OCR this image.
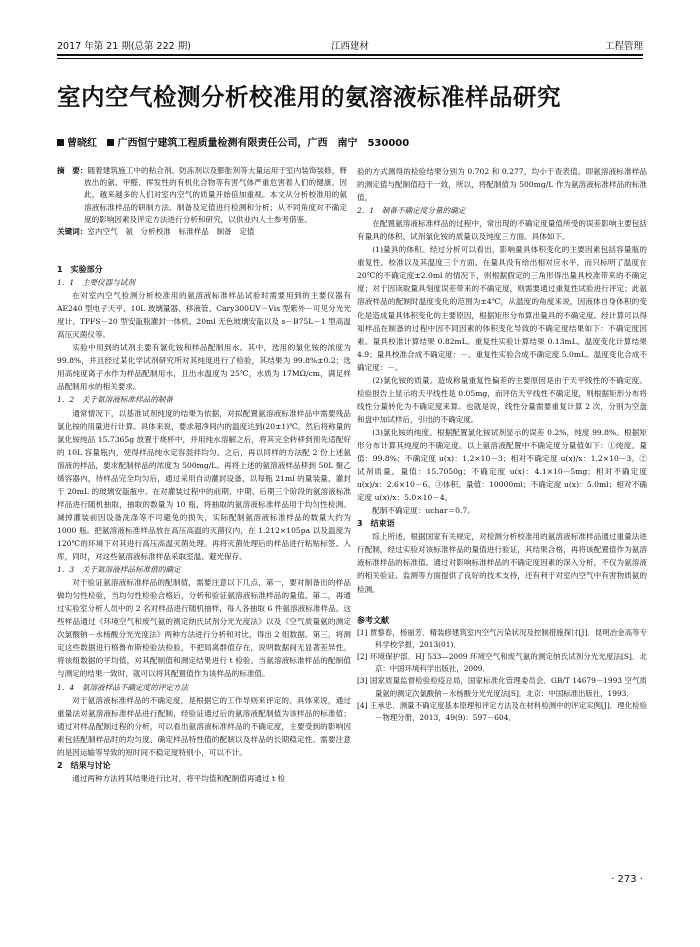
2017 年第 21 期(总第 222 期)	江西建材	工程管理
室内空气检测分析校准用的氨溶液标准样品研究
曾晓红 广西恒宁建筑工程质量检测有限责任公司，广西　南宁　530000

摘　要：随着建筑施工中的粘合剂、防冻剂以及膨胀剂等大量运用于室内装饰装修，释放出的氨、甲醛、挥发性的有机化合物等有害气体严重危害着人们的健康。因此，越来越多的人们对室内空气的质量开始倍加重视。本文从分析校准用的氨溶液标准样品的研制方法、制备及定值进行检测和分析；从不同角度对不确定度的影响因素及评定方法进行分析和研究，以供业内人士参考借鉴。

关键词：室内空气　氨　分析校准　标准样品　制备　定值

1　实验部分

1．1　主要仪器与试剂

在对室内空气检测分析校准用的氨溶液标准样品试验时需要用到的主要仪器有 AE240 型电子天平、10L 玻璃量器、移液管、Cary300UV－Vis 型紫外－可见分光光度计、TPFS－20 型安瓿瓶灌封一体机、20ml 无色玻璃安瓿以及 s－B75L－1 型高温高压灭菌仪等。

实验中用到的试剂主要有氯化铵和样品配制用水。其中，选用的氯化铵的浓度为 99.8%，并且经过某化学试剂研究所对其纯度进行了检验，其结果为 99.8%±0.2；选用高纯度离子水作为样品配制用水，且出水温度为 25℃，水质为 17MΩ/cm，满足样品配制用水的相关要求。

1．2　关于氨溶液标准样品的制备

通常情况下，以基准试剂纯度的结果为依据，对拟配置氨溶液标准样品中需要残品氯化铵的用量进行计算。具体来说，要求超净间内的温度达到(20±1)℃，然后将称量的氯化铵纯品 15.7365g 放置于烧杯中，并用纯水溶解之后，将其完全转移到预先适配好的 10L 容量瓶内，使得样品纯水定容混拌均匀。之后，再以同样的方法配 2 份上述氨溶液的样品，要求配制样品的浓度为 500mg/L。再将上述的氨溶液样品移到 50L 聚乙烯容器内，待样品完全均匀后，通过采用自动灌封设备，以每瓶 21ml 的量装量，灌封于 20mL 的玻璃安瓿瓶中。在对灌装过程中的前期、中期、后期三个阶段的氨溶液标准样品进行随机抽取，抽取的数量为 10 瓶，将抽取的氨溶液标准样品用于均匀性检测。减掉灌装前因设备洗涤等不可避免的损失，实际配制氨溶液标准样品的数量大约为 1000 瓶。把氨溶液标准样品放在高压高温的灭菌仪内，在 1.212×105pa 以及温度为 120℃的环境下对其进行高压高温灭菌处理。再将灭菌处理后的样品进行粘贴标签、入库，同时，对这些氨溶液标准样品采取室温、避光保存。

1．3　关于氨溶液样品标准值的确定

对于验证氨溶液标准样品的配制值，需要注意以下几点，第一，要对制备出的样品做均匀性检验，当均匀性检验合格后，分析和验证氨溶液标准样品的量值。第二，再通过实验室分析人员中的 2 名对样品进行随机抽样，每人各抽取 6 件氨溶液标准样品。这些样品通过《环境空气和废气氨的测定纳氏试剂分光光度法》以及《空气质量氨的测定次氯酸钠－水杨酸分光光度法》两种方法进行分析和对比，得出 2 组数据。第三，将测定这些数据进行格鲁布斯检验法检验，不把局离群值存在，说明数据间无显著差异性。将该组数据的平均值，对其配制值和测定结果进行 t 检验。当氨溶液标准样品的配制值与测定的结果一致时，就可以将其配置值作为该样品的标准值。

1．4　氨溶液样品不确定度的评定方法

对于氨溶液标准样品的不确定度，是根据它的工作导则来评定的。具体来说，通过重量法对氨溶液标准样品进行配制，经验证通过后的氨溶液配制值为该样品的标准值；通过对样品配制过程的分析，可以看出氨溶液标准样品的不确定度，主要受到的影响因素包括配制样品时的均匀度、确定样品特性值的配制以及样品的长期稳定性。需要注意的是因运输等导致的短时间不稳定度特别小，可以不计。

2　结果与讨论

通过两种方法将其结果进行比对，将平均值和配制值再通过 t 检

验的方式测得的检验结果分别为 0.702 和 0.277，均小于查表值。即氨溶液标准样品的测定值与配制值趋于一致，所以，将配制值为 500mg/L 作为氨溶液标准样品的标准值。

2．1　制备不确定度分量的确定

在配置氨溶液标准样品的过程中，常出现的不确定度量值所受的误差影响主要包括有量具的体积、试剂氯化铵的质量以及纯度三方面。具体如下。

(1)量具的体积。经过分析可以看出，影响量具体积变化的主要因素包括容量瓶的重复性、校准以及其温度三个方面。在量具没有给出相对应水平，而只标明了温度在 20℃的不确定度±2.0ml 的情况下，则根据假定的三角形得出量具校准带来的不确定度；对于因读取量具刻度误差带来的不确定度，则需要通过重复性试验进行评定；此氨溶液样品的配制时温度变化的范围为±4℃，从温度的角度来说，因液体自身体积的变化是造成量具体积变化的主要原因，根据矩形分布算出量具的不确定度。经计算可以得知样品在制备的过程中因不同因素的体积变化导致的不确定度结果如下：不确定度因素。量具校准计算结果 0.82mL。重复性实验计算结果 0.13mL。温度变化计算结果 4.9；量具校准合成不确定度：－。重复性实验合成不确定度 5.0mL。温度变化合成不确定度：－。

(2)氯化铵的质量。造成称量重复性偏差的主要原因是由于天平线性的不确定度。检验报告上显示的天平线性是 0.05mg，而评估天平线性不确定度，则根据矩形分布将线性分量转化为不确定度来算。也就是说，线性分量需要重复计算 2 次，分别为空盘和盘中加试样后，引出的不确定度。

(3)氯化铵的纯度。根据配置氯化铵试剂显示的误差 0.2%，纯度 99.8%。根据矩形分布计算其纯度的不确定度。以上氨溶液配置中不确定度分量值如下：①纯度。量值：99.8%；不确定度 u(x)：1.2×10－3；相对不确定度 u(x)/x：1.2×10－3。②试剂质量。量值：15.7050g；不确定度 u(x)：4.1×10－5mg；相对不确定度 u(x)/x：2.6×10－6。③体积。量值：10000ml；不确定度 u(x)：5.0ml；相对不确定度 u(x)/x：5.0×10－4。

配制不确定度：uchar＝0.7。

3　结束语

综上所述，根据国家有关规定，对检测分析校准用的氨溶液标准样品通过重量法进行配制，经过实验对该标准样品的量值进行验证，其结果合格，再将该配置值作为氨溶液标准样品的标准值。通过对影响标准样品的不确定度因素的深入分析，不仅为氨溶液的相关验证、监测等方面提供了良好的技术支持，还有利于对室内空气中有害物质氨的检测。

参考文献

[1] 贾黎春，杨丽芳．精装修建筑室内空气污染状况及控制措施探讨[J]．昆明冶金高等专科学校学报，2013(01)．

[2] 环境保护部．HJ 533—2009 环境空气和废气氨的测定纳氏试剂分光光度法[S]．北京：中国环境科学出版社，2009．

[3] 国家质量监督检验检疫总局，国家标准化管理委员会．GB/T 14679－1993 空气质量氨的测定次氯酸钠－水杨酸分光光度法[S]．北京：中国标准出版社，1993．

[4] 王承忠．测量不确定度基本原理和评定方法及在材料检测中的评定实例[J]．理化检验－物理分册，2013，49(9)：597－604．

· 273 ·
